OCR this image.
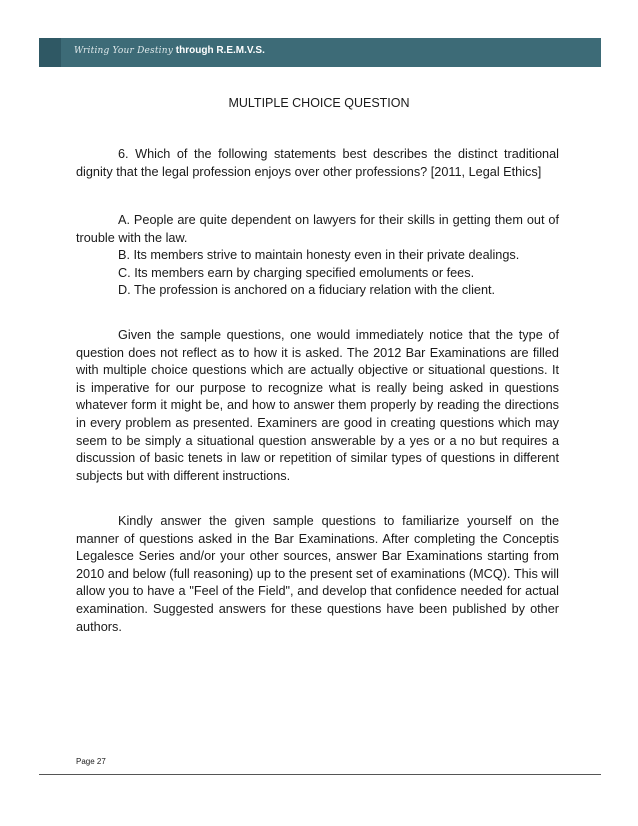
Writing Your Destiny through R.E.M.V.S.
MULTIPLE CHOICE QUESTION

6. Which of the following statements best describes the distinct traditional dignity that the legal profession enjoys over other professions? [2011, Legal Ethics]

A. People are quite dependent on lawyers for their skills in getting them out of trouble with the law.

B. Its members strive to maintain honesty even in their private dealings.

C. Its members earn by charging specified emoluments or fees.

D. The profession is anchored on a fiduciary relation with the client.

Given the sample questions, one would immediately notice that the type of question does not reflect as to how it is asked. The 2012 Bar Examinations are filled with multiple choice questions which are actually objective or situational questions. It is imperative for our purpose to recognize what is really being asked in questions whatever form it might be, and how to answer them properly by reading the directions in every problem as presented. Examiners are good in creating questions which may seem to be simply a situational question answerable by a yes or a no but requires a discussion of basic tenets in law or repetition of similar types of questions in different subjects but with different instructions.

Kindly answer the given sample questions to familiarize yourself on the manner of questions asked in the Bar Examinations. After completing the Conceptis Legalesce Series and/or your other sources, answer Bar Examinations starting from 2010 and below (full reasoning) up to the present set of examinations (MCQ). This will allow you to have a "Feel of the Field", and develop that confidence needed for actual examination. Suggested answers for these questions have been published by other authors.

Page 27
